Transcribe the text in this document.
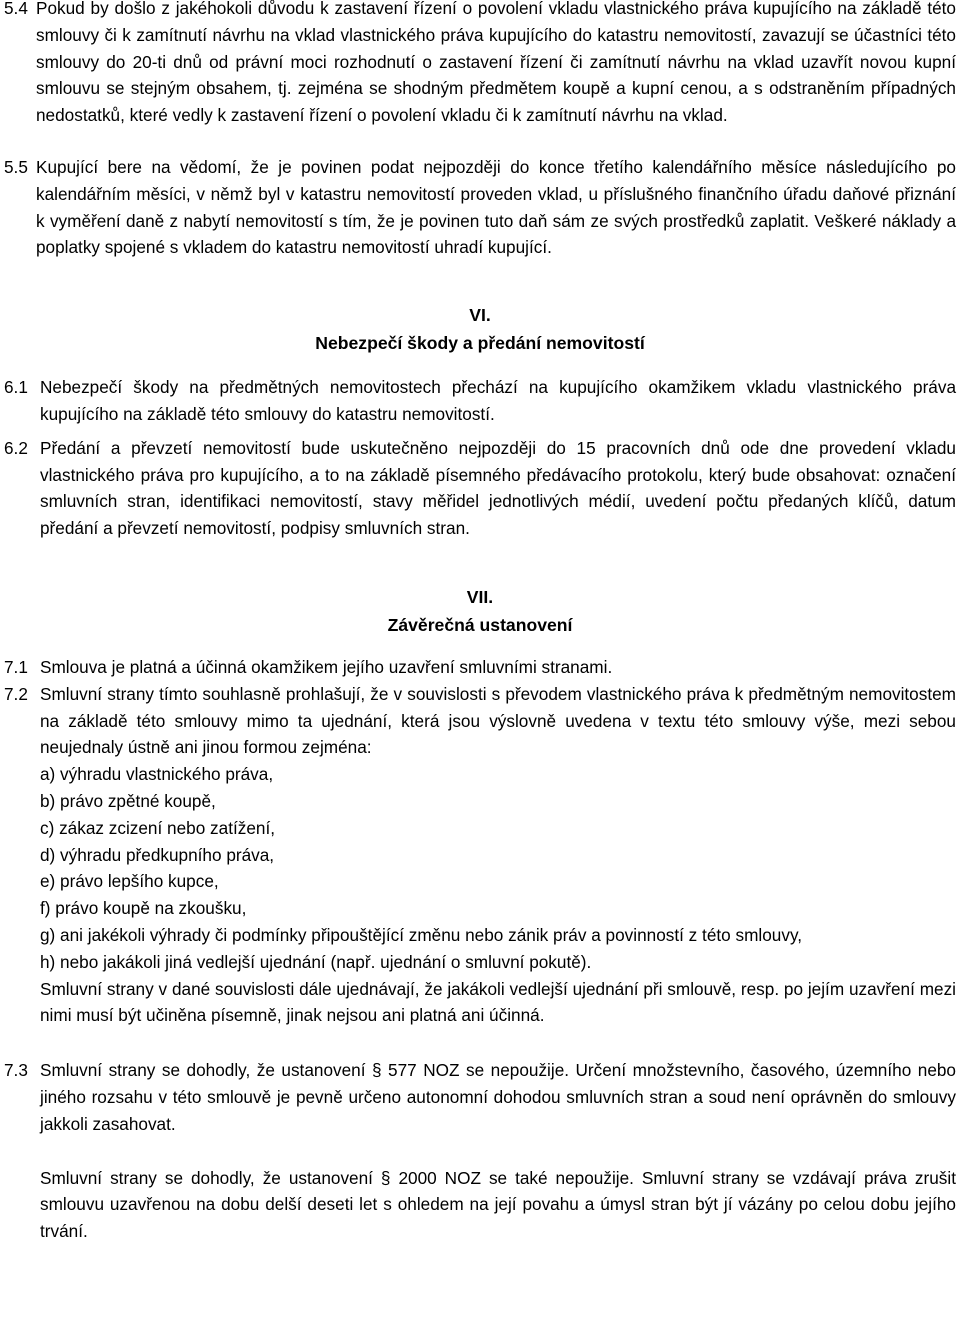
5.4 Pokud by došlo z jakéhokoli důvodu k zastavení řízení o povolení vkladu vlastnického práva kupujícího na základě této smlouvy či k zamítnutí návrhu na vklad vlastnického práva kupujícího do katastru nemovitostí, zavazují se účastníci této smlouvy do 20-ti dnů od právní moci rozhodnutí o zastavení řízení či zamítnutí návrhu na vklad uzavřít novou kupní smlouvu se stejným obsahem, tj. zejména se shodným předmětem koupě a kupní cenou, a s odstraněním případných nedostatků, které vedly k zastavení řízení o povolení vkladu či k zamítnutí návrhu na vklad.
5.5 Kupující bere na vědomí, že je povinen podat nejpozději do konce třetího kalendářního měsíce následujícího po kalendářním měsíci, v němž byl v katastru nemovitostí proveden vklad, u příslušného finančního úřadu daňové přiznání k vyměření daně z nabytí nemovitostí s tím, že je povinen tuto daň sám ze svých prostředků zaplatit. Veškeré náklady a poplatky spojené s vkladem do katastru nemovitostí uhradí kupující.
VI.
Nebezpečí škody a předání nemovitostí
6.1 Nebezpečí škody na předmětných nemovitostech přechází na kupujícího okamžikem vkladu vlastnického práva kupujícího na základě této smlouvy do katastru nemovitostí.
6.2 Předání a převzetí nemovitostí bude uskutečněno nejpozději do 15 pracovních dnů ode dne provedení vkladu vlastnického práva pro kupujícího, a to na základě písemného předávacího protokolu, který bude obsahovat: označení smluvních stran, identifikaci nemovitostí, stavy měřidel jednotlivých médií, uvedení počtu předaných klíčů, datum předání a převzetí nemovitostí, podpisy smluvních stran.
VII.
Závěrečná ustanovení
7.1 Smlouva je platná a účinná okamžikem jejího uzavření smluvními stranami.
7.2 Smluvní strany tímto souhlasně prohlašují, že v souvislosti s převodem vlastnického práva k předmětným nemovitostem na základě této smlouvy mimo ta ujednání, která jsou výslovně uvedena v textu této smlouvy výše, mezi sebou neujednaly ústně ani jinou formou zejména:
a) výhradu vlastnického práva,
b) právo zpětné koupě,
c) zákaz zcizení nebo zatížení,
d) výhradu předkupního práva,
e) právo lepšího kupce,
f) právo koupě na zkoušku,
g) ani jakékoli výhrady či podmínky připouštějící změnu nebo zánik práv a povinností z této smlouvy,
h) nebo jakákoli jiná vedlejší ujednání (např. ujednání o smluvní pokutě).
Smluvní strany v dané souvislosti dále ujednávají, že jakákoli vedlejší ujednání při smlouvě, resp. po jejím uzavření mezi nimi musí být učiněna písemně, jinak nejsou ani platná ani účinná.
7.3 Smluvní strany se dohodly, že ustanovení § 577 NOZ se nepoužije. Určení množstevního, časového, územního nebo jiného rozsahu v této smlouvě je pevně určeno autonomní dohodou smluvních stran a soud není oprávněn do smlouvy jakkoli zasahovat.
Smluvní strany se dohodly, že ustanovení § 2000 NOZ se také nepoužije. Smluvní strany se vzdávají práva zrušit smlouvu uzavřenou na dobu delší deseti let s ohledem na její povahu a úmysl stran být jí vázány po celou dobu jejího trvání.
